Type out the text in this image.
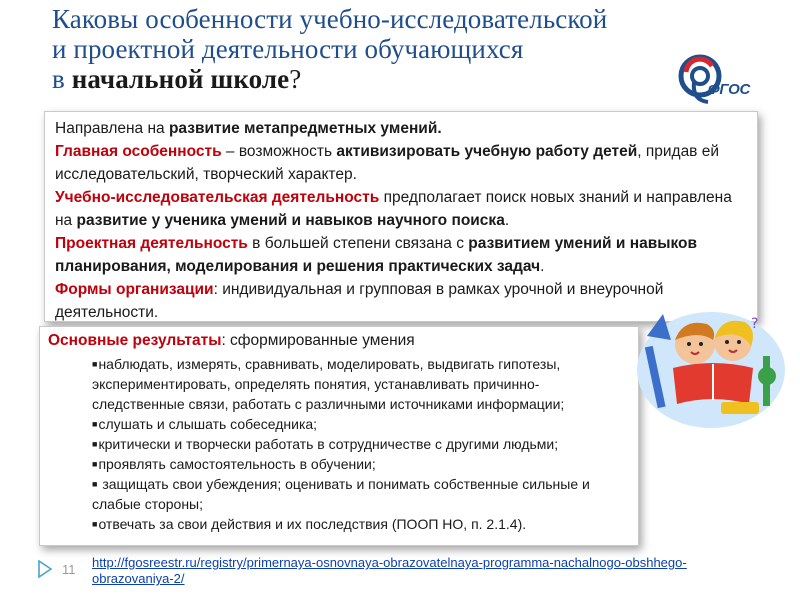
Каковы особенности учебно-исследовательской
и проектной деятельности обучающихся
в начальной школе?	ФГОС

Направлена на развитие метапредметных умений.

Главная особенность – возможность активизировать учебную работу детей, придав ей исследовательский, творческий характер.

Учебно-исследовательская деятельность предполагает поиск новых знаний и направлена на развитие у ученика умений и навыков научного поиска.

Проектная деятельность в большей степени связана с развитием умений и навыков планирования, моделирования и решения практических задач.

Формы организации: индивидуальная и групповая в рамках урочной и внеурочной деятельности.

Основные результаты: сформированные умения

■наблюдать, измерять, сравнивать, моделировать, выдвигать гипотезы, экспериментировать, определять понятия, устанавливать причинно-следственные связи, работать с различными источниками информации;
■слушать и слышать собеседника;
■критически и творчески работать в сотрудничестве с другими людьми;
■проявлять самостоятельность в обучении;
■ защищать свои убеждения; оценивать и понимать собственные сильные и слабые стороны;
■отвечать за свои действия и их последствия (ПООП НО, п. 2.1.4).
?
11 http://fgosreestr.ru/registry/primernaya-osnovnaya-obrazovatelnaya-programma-nachalnogo-obshhego-obrazovaniya-2/
